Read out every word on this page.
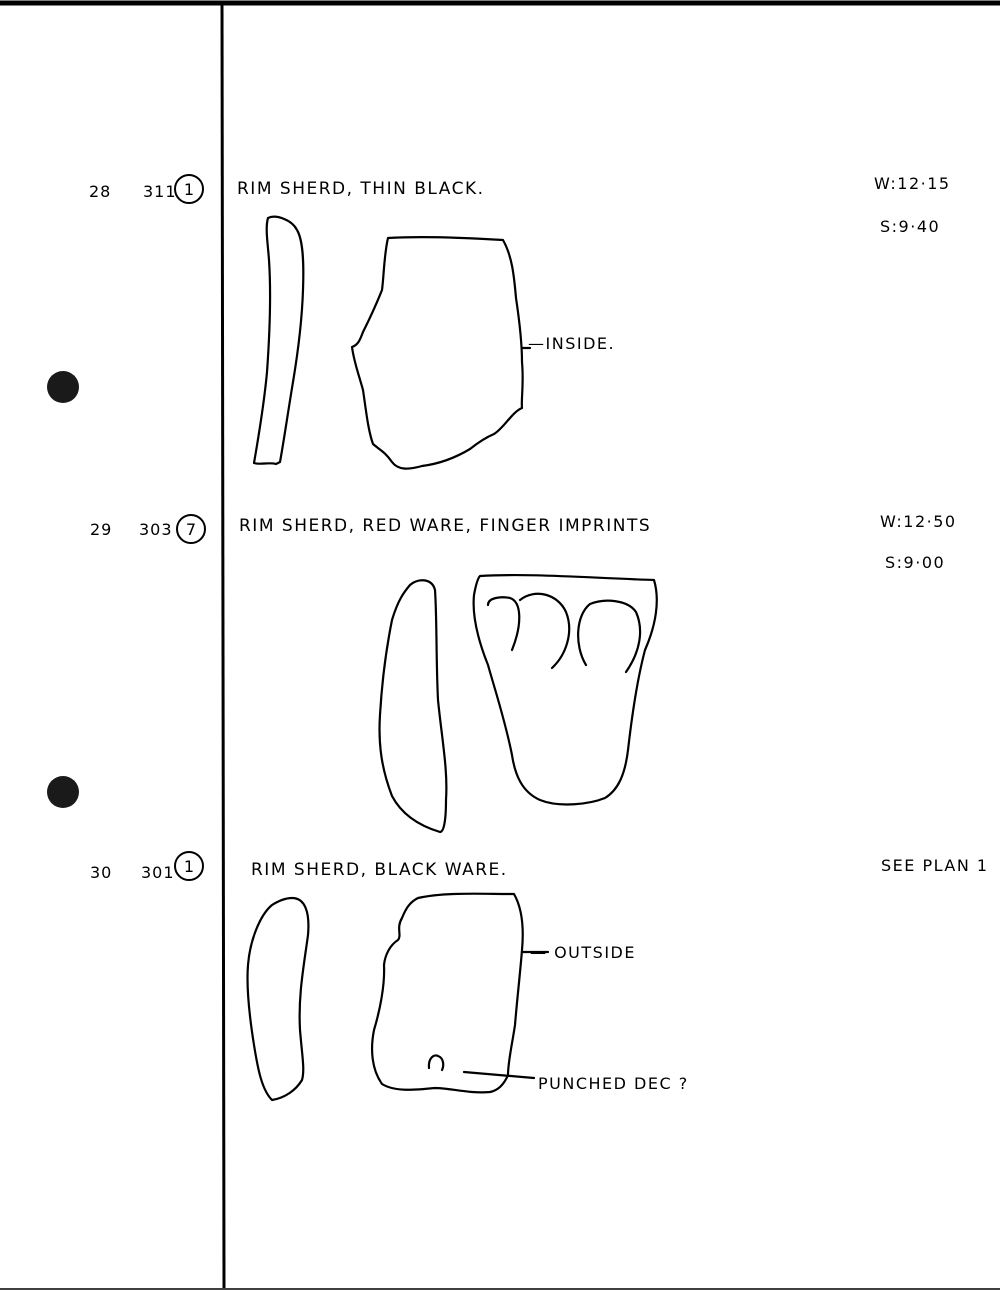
28 311 1	RIM SHERD, THIN BLACK.	W:12·15
S:9·40
—INSIDE.
29 303 7	RIM SHERD, RED WARE, FINGER IMPRINTS	W:12·50
S:9·00
30 301 1	RIM SHERD, BLACK WARE.	SEE PLAN 1
— OUTSIDE
PUNCHED DEC ?
